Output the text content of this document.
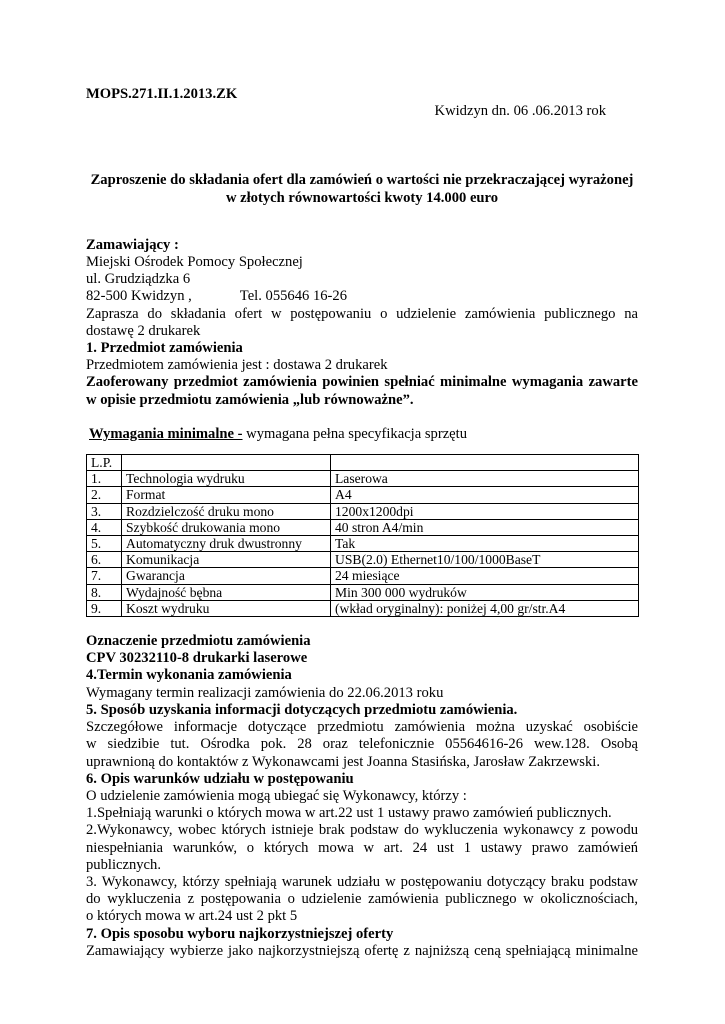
MOPS.271.II.1.2013.ZK

Kwidzyn dn. 06 .06.2013 rok

Zaproszenie do składania ofert dla zamówień o wartości nie przekraczającej wyrażonej
w złotych równowartości kwoty 14.000 euro
Zamawiający :
Miejski Ośrodek Pomocy Społecznej
ul. Grudziądzka 6
82-500 Kwidzyn ,	Tel. 055646 16-26
Zaprasza do składania ofert w postępowaniu o udzielenie zamówienia publicznego na
dostawę 2 drukarek
1. Przedmiot zamówienia
Przedmiotem zamówienia jest : dostawa 2 drukarek
Zaoferowany przedmiot zamówienia powinien spełniać minimalne wymagania zawarte
w opisie przedmiotu zamówienia „lub równoważne”.
Wymagania minimalne - wymagana pełna specyfikacja sprzętu
L.P.		
1.	Technologia wydruku	Laserowa
2.	Format	A4
3.	Rozdzielczość druku mono	1200x1200dpi
4.	Szybkość drukowania mono	40 stron A4/min
5.	Automatyczny druk dwustronny	Tak
6.	Komunikacja	USB(2.0) Ethernet10/100/1000BaseT
7.	Gwarancja	24 miesiące
8.	Wydajność bębna	Min 300 000 wydruków
9.	Koszt wydruku	(wkład oryginalny): poniżej 4,00 gr/str.A4
Oznaczenie przedmiotu zamówienia
CPV 30232110-8 drukarki laserowe
4.Termin wykonania zamówienia
Wymagany termin realizacji zamówienia do 22.06.2013 roku
5. Sposób uzyskania informacji dotyczących przedmiotu zamówienia.
Szczegółowe informacje dotyczące przedmiotu zamówienia można uzyskać osobiście
w siedzibie tut. Ośrodka pok. 28 oraz telefonicznie 05564616-26 wew.128. Osobą
uprawnioną do kontaktów z Wykonawcami jest Joanna Stasińska, Jarosław Zakrzewski.
6. Opis warunków udziału w postępowaniu
O udzielenie zamówienia mogą ubiegać się Wykonawcy, którzy :
1.Spełniają warunki o których mowa w art.22 ust 1 ustawy prawo zamówień publicznych.
2.Wykonawcy, wobec których istnieje brak podstaw do wykluczenia wykonawcy z powodu
niespełniania warunków, o których mowa w art. 24 ust 1 ustawy prawo zamówień
publicznych.
3. Wykonawcy, którzy spełniają warunek udziału w postępowaniu dotyczący braku podstaw
do wykluczenia z postępowania o udzielenie zamówienia publicznego w okolicznościach,
o których mowa w art.24 ust 2 pkt 5
7. Opis sposobu wyboru najkorzystniejszej oferty
Zamawiający wybierze jako najkorzystniejszą ofertę z najniższą ceną spełniającą minimalne
